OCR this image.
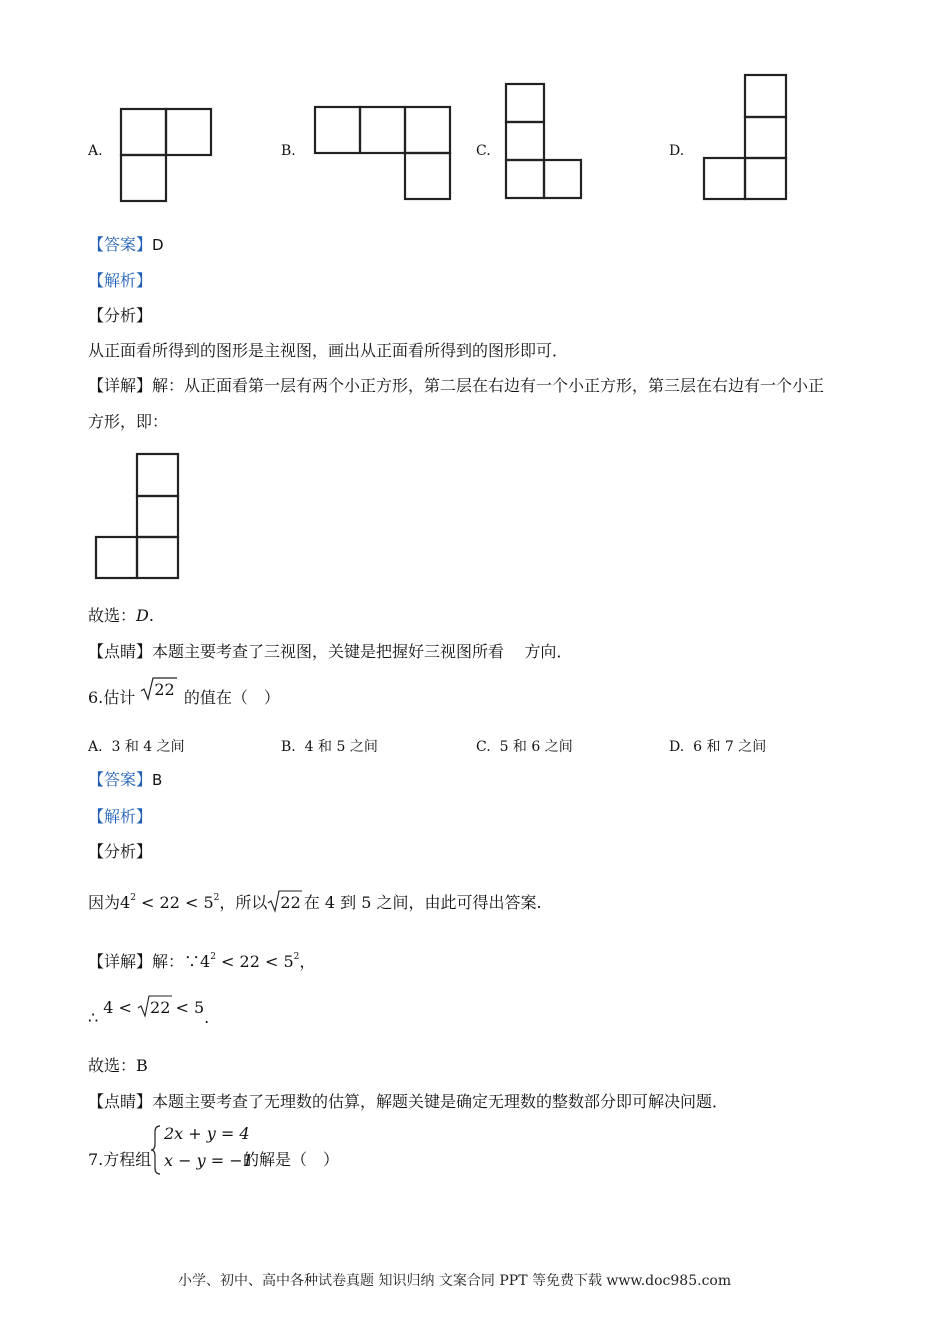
A.	B.	C.	D.
【答案】D
【解析】
【分析】
从正面看所得到的图形是主视图，画出从正面看所得到的图形即可．
【详解】解：从正面看第一层有两个小正方形，第二层在右边有一个小正方形，第三层在右边有一个小正
方形，即：
故选：D.
【点睛】本题主要考查了三视图，关键是把握好三视图所看    方向．
6.估计 22 的值在（　）
A. 3 和 4 之间	B. 4 和 5 之间	C. 5 和 6 之间	D. 6 和 7 之间
【答案】B
【解析】
【分析】
因为$4^2 < 22 < 5^2$，所以 22 在 4 到 5 之间，由此可得出答案.
【详解】解：$\because 4^2 < 22 < 5^2$，
∴ 4 <
22 < 5.
故选：B
【点睛】本题主要考查了无理数的估算，解题关键是确定无理数的整数部分即可解决问题．
7.方程组
2x + y = 4
x − y = −1
的解是（　）
小学、初中、高中各种试卷真题 知识归纳 文案合同 PPT 等免费下载 www.doc985.com
